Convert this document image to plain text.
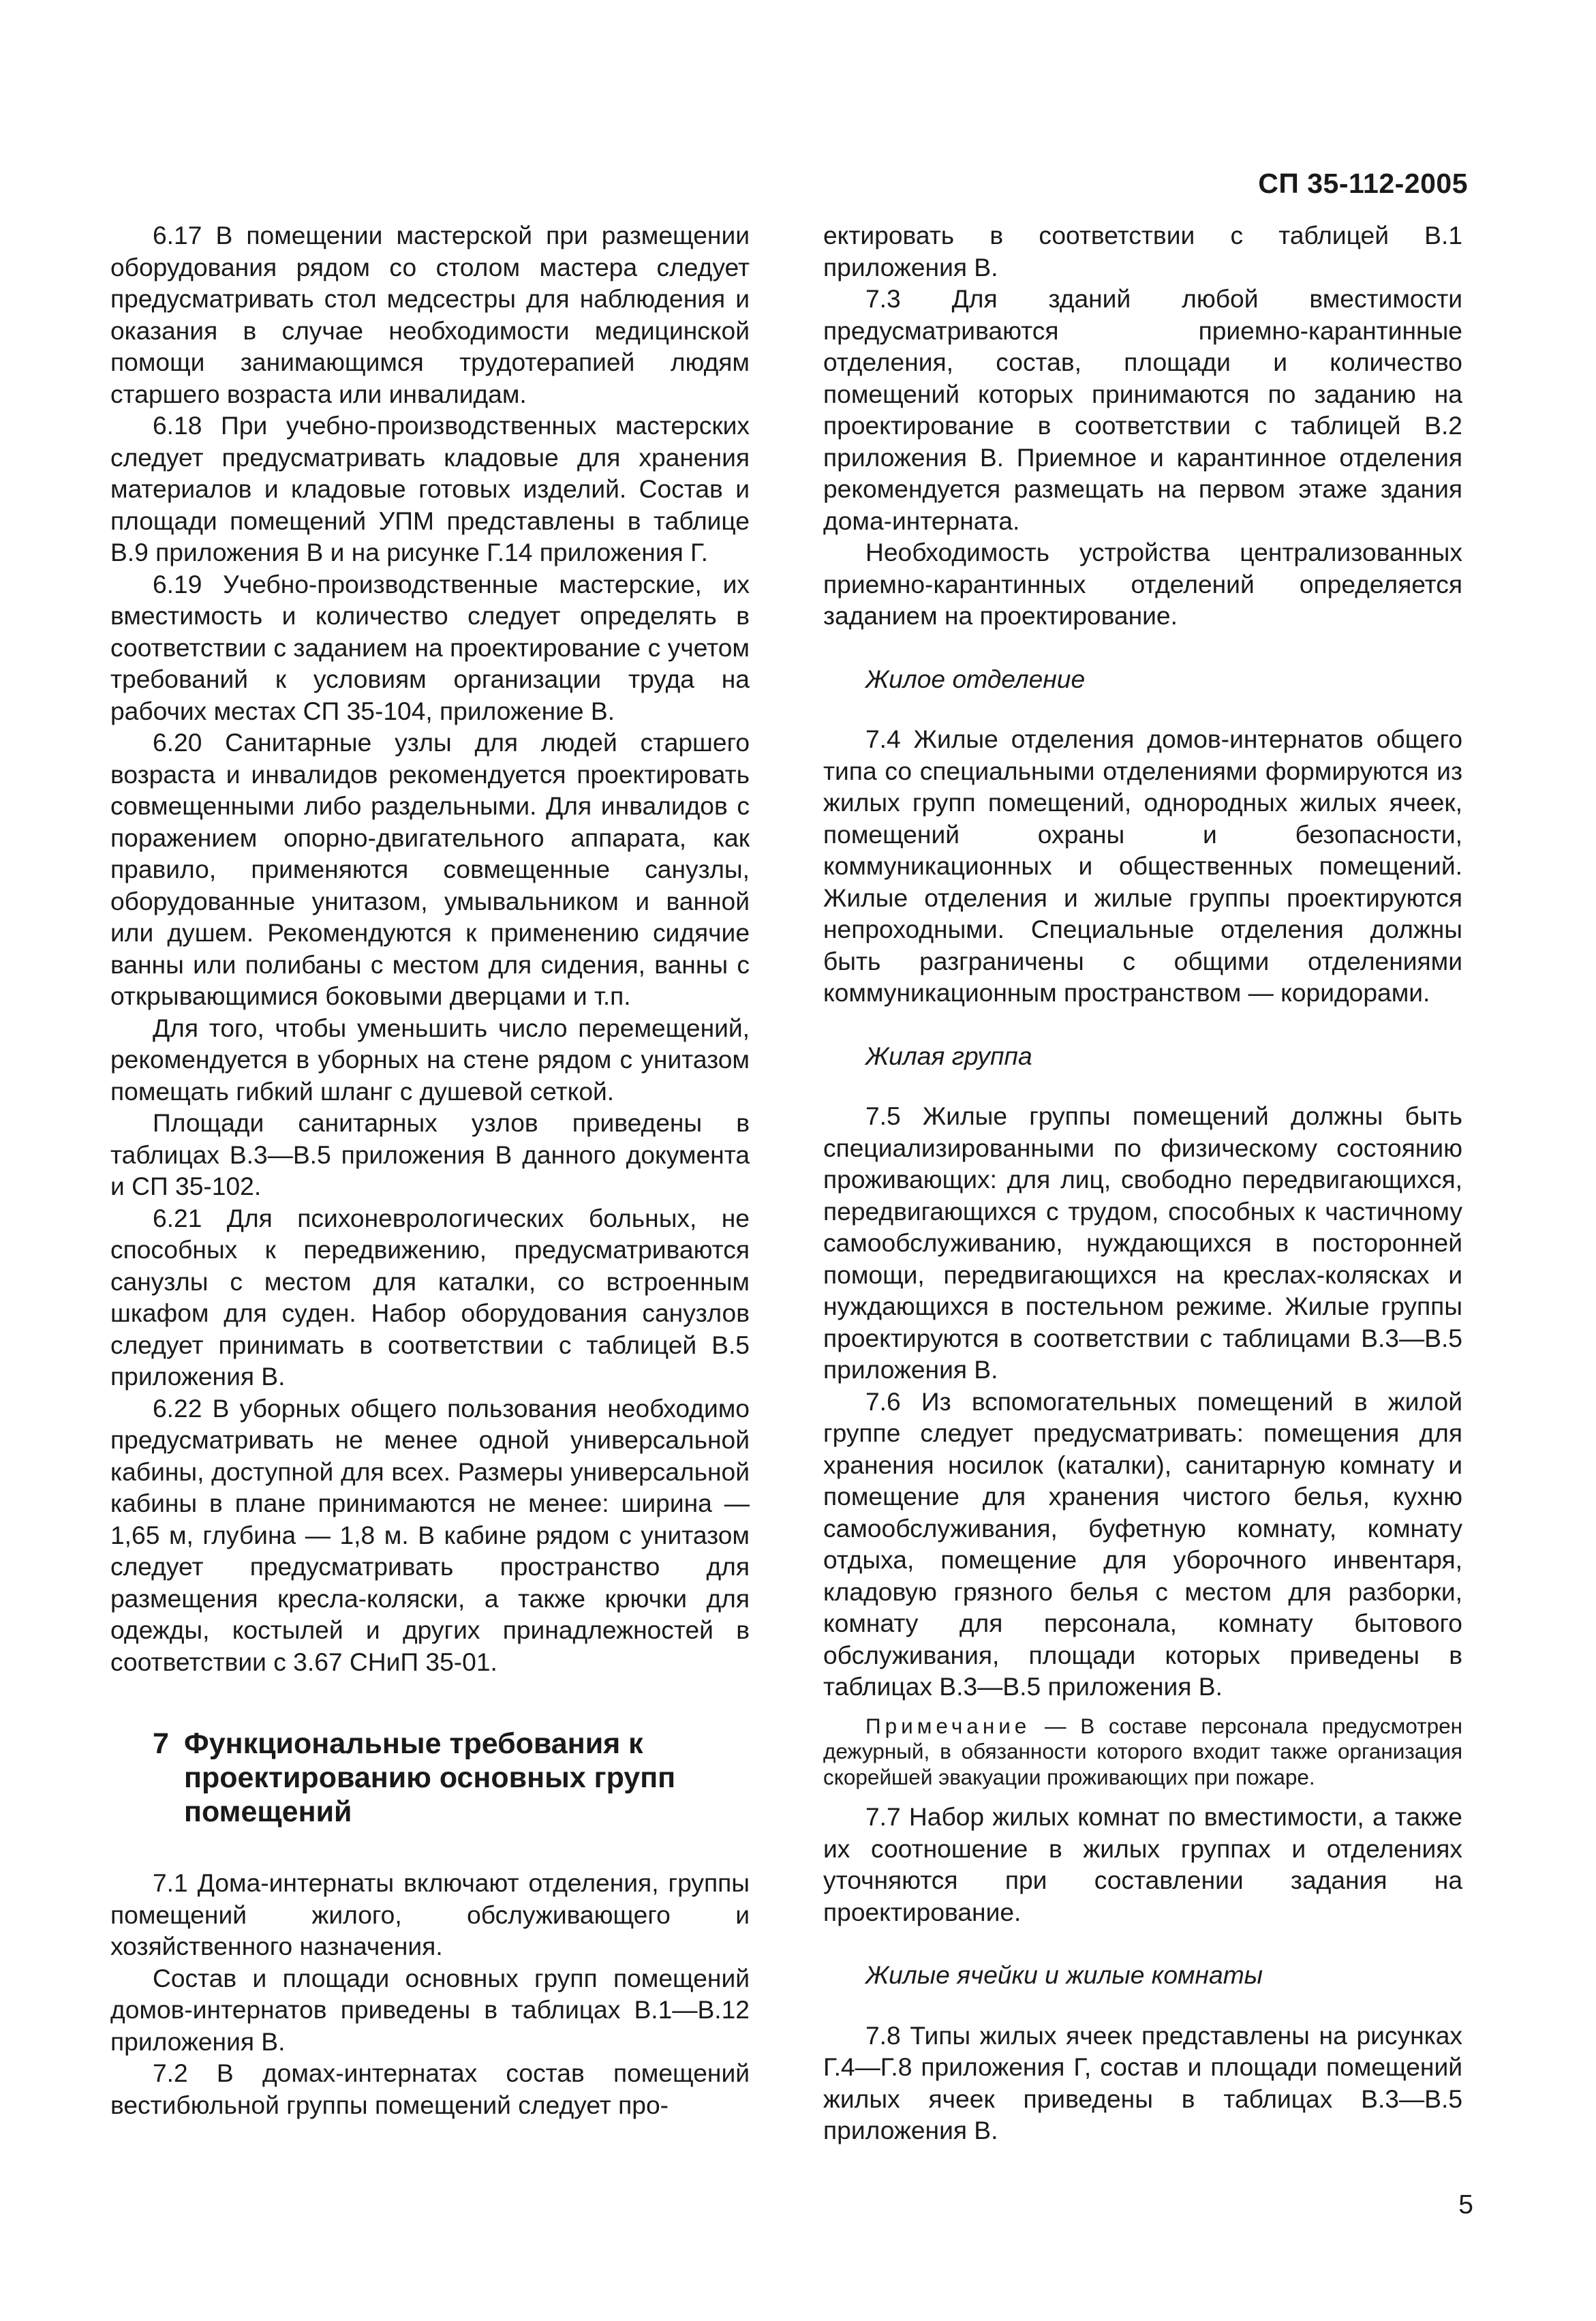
СП 35-112-2005

6.17 В помещении мастерской при размещении оборудования рядом со столом мастера следует предусматривать стол медсестры для наблюдения и оказания в случае необходимости медицинской помощи занимающимся трудотерапией людям старшего возраста или инвалидам.

6.18 При учебно-производственных мастерских следует предусматривать кладовые для хранения материалов и кладовые готовых изделий. Состав и площади помещений УПМ представлены в таблице В.9 приложения В и на рисунке Г.14 приложения Г.

6.19 Учебно-производственные мастерские, их вместимость и количество следует определять в соответствии с заданием на проектирование с учетом требований к условиям организации труда на рабочих местах СП 35-104, приложение В.

6.20 Санитарные узлы для людей старшего возраста и инвалидов рекомендуется проектировать совмещенными либо раздельными. Для инвалидов с поражением опорно-двигательного аппарата, как правило, применяются совмещенные санузлы, оборудованные унитазом, умывальником и ванной или душем. Рекомендуются к применению сидячие ванны или полибаны с местом для сидения, ванны с открывающимися боковыми дверцами и т.п.

Для того, чтобы уменьшить число перемещений, рекомендуется в уборных на стене рядом с унитазом помещать гибкий шланг с душевой сеткой.

Площади санитарных узлов приведены в таблицах В.3—В.5 приложения В данного документа и СП 35-102.

6.21 Для психоневрологических больных, не способных к передвижению, предусматриваются санузлы с местом для каталки, со встроенным шкафом для суден. Набор оборудования санузлов следует принимать в соответствии с таблицей В.5 приложения В.

6.22 В уборных общего пользования необходимо предусматривать не менее одной универсальной кабины, доступной для всех. Размеры универсальной кабины в плане принимаются не менее: ширина — 1,65 м, глубина — 1,8 м. В кабине рядом с унитазом следует предусматривать пространство для размещения кресла-коляски, а также крючки для одежды, костылей и других принадлежностей в соответствии с 3.67 СНиП 35-01.

7 Функциональные требования к проектированию основных групп помещений

7.1 Дома-интернаты включают отделения, группы помещений жилого, обслуживающего и хозяйственного назначения.

Состав и площади основных групп помещений домов-интернатов приведены в таблицах В.1—В.12 приложения В.

7.2 В домах-интернатах состав помещений вестибюльной группы помещений следует про-

ектировать в соответствии с таблицей В.1 приложения В.

7.3 Для зданий любой вместимости предусматриваются приемно-карантинные отделения, состав, площади и количество помещений которых принимаются по заданию на проектирование в соответствии с таблицей В.2 приложения В. Приемное и карантинное отделения рекомендуется размещать на первом этаже здания дома-интерната.

Необходимость устройства централизованных приемно-карантинных отделений определяется заданием на проектирование.

Жилое отделение

7.4 Жилые отделения домов-интернатов общего типа со специальными отделениями формируются из жилых групп помещений, однородных жилых ячеек, помещений охраны и безопасности, коммуникационных и общественных помещений. Жилые отделения и жилые группы проектируются непроходными. Специальные отделения должны быть разграничены с общими отделениями коммуникационным пространством — коридорами.

Жилая группа

7.5 Жилые группы помещений должны быть специализированными по физическому состоянию проживающих: для лиц, свободно передвигающихся, передвигающихся с трудом, способных к частичному самообслуживанию, нуждающихся в посторонней помощи, передвигающихся на креслах-колясках и нуждающихся в постельном режиме. Жилые группы проектируются в соответствии с таблицами В.3—В.5 приложения В.

7.6 Из вспомогательных помещений в жилой группе следует предусматривать: помещения для хранения носилок (каталки), санитарную комнату и помещение для хранения чистого белья, кухню самообслуживания, буфетную комнату, комнату отдыха, помещение для уборочного инвентаря, кладовую грязного белья с местом для разборки, комнату для персонала, комнату бытового обслуживания, площади которых приведены в таблицах В.3—В.5 приложения В.

Примечание — В составе персонала предусмотрен дежурный, в обязанности которого входит также организация скорейшей эвакуации проживающих при пожаре.

7.7 Набор жилых комнат по вместимости, а также их соотношение в жилых группах и отделениях уточняются при составлении задания на проектирование.

Жилые ячейки и жилые комнаты

7.8 Типы жилых ячеек представлены на рисунках Г.4—Г.8 приложения Г, состав и площади помещений жилых ячеек приведены в таблицах В.3—В.5 приложения В.

5
